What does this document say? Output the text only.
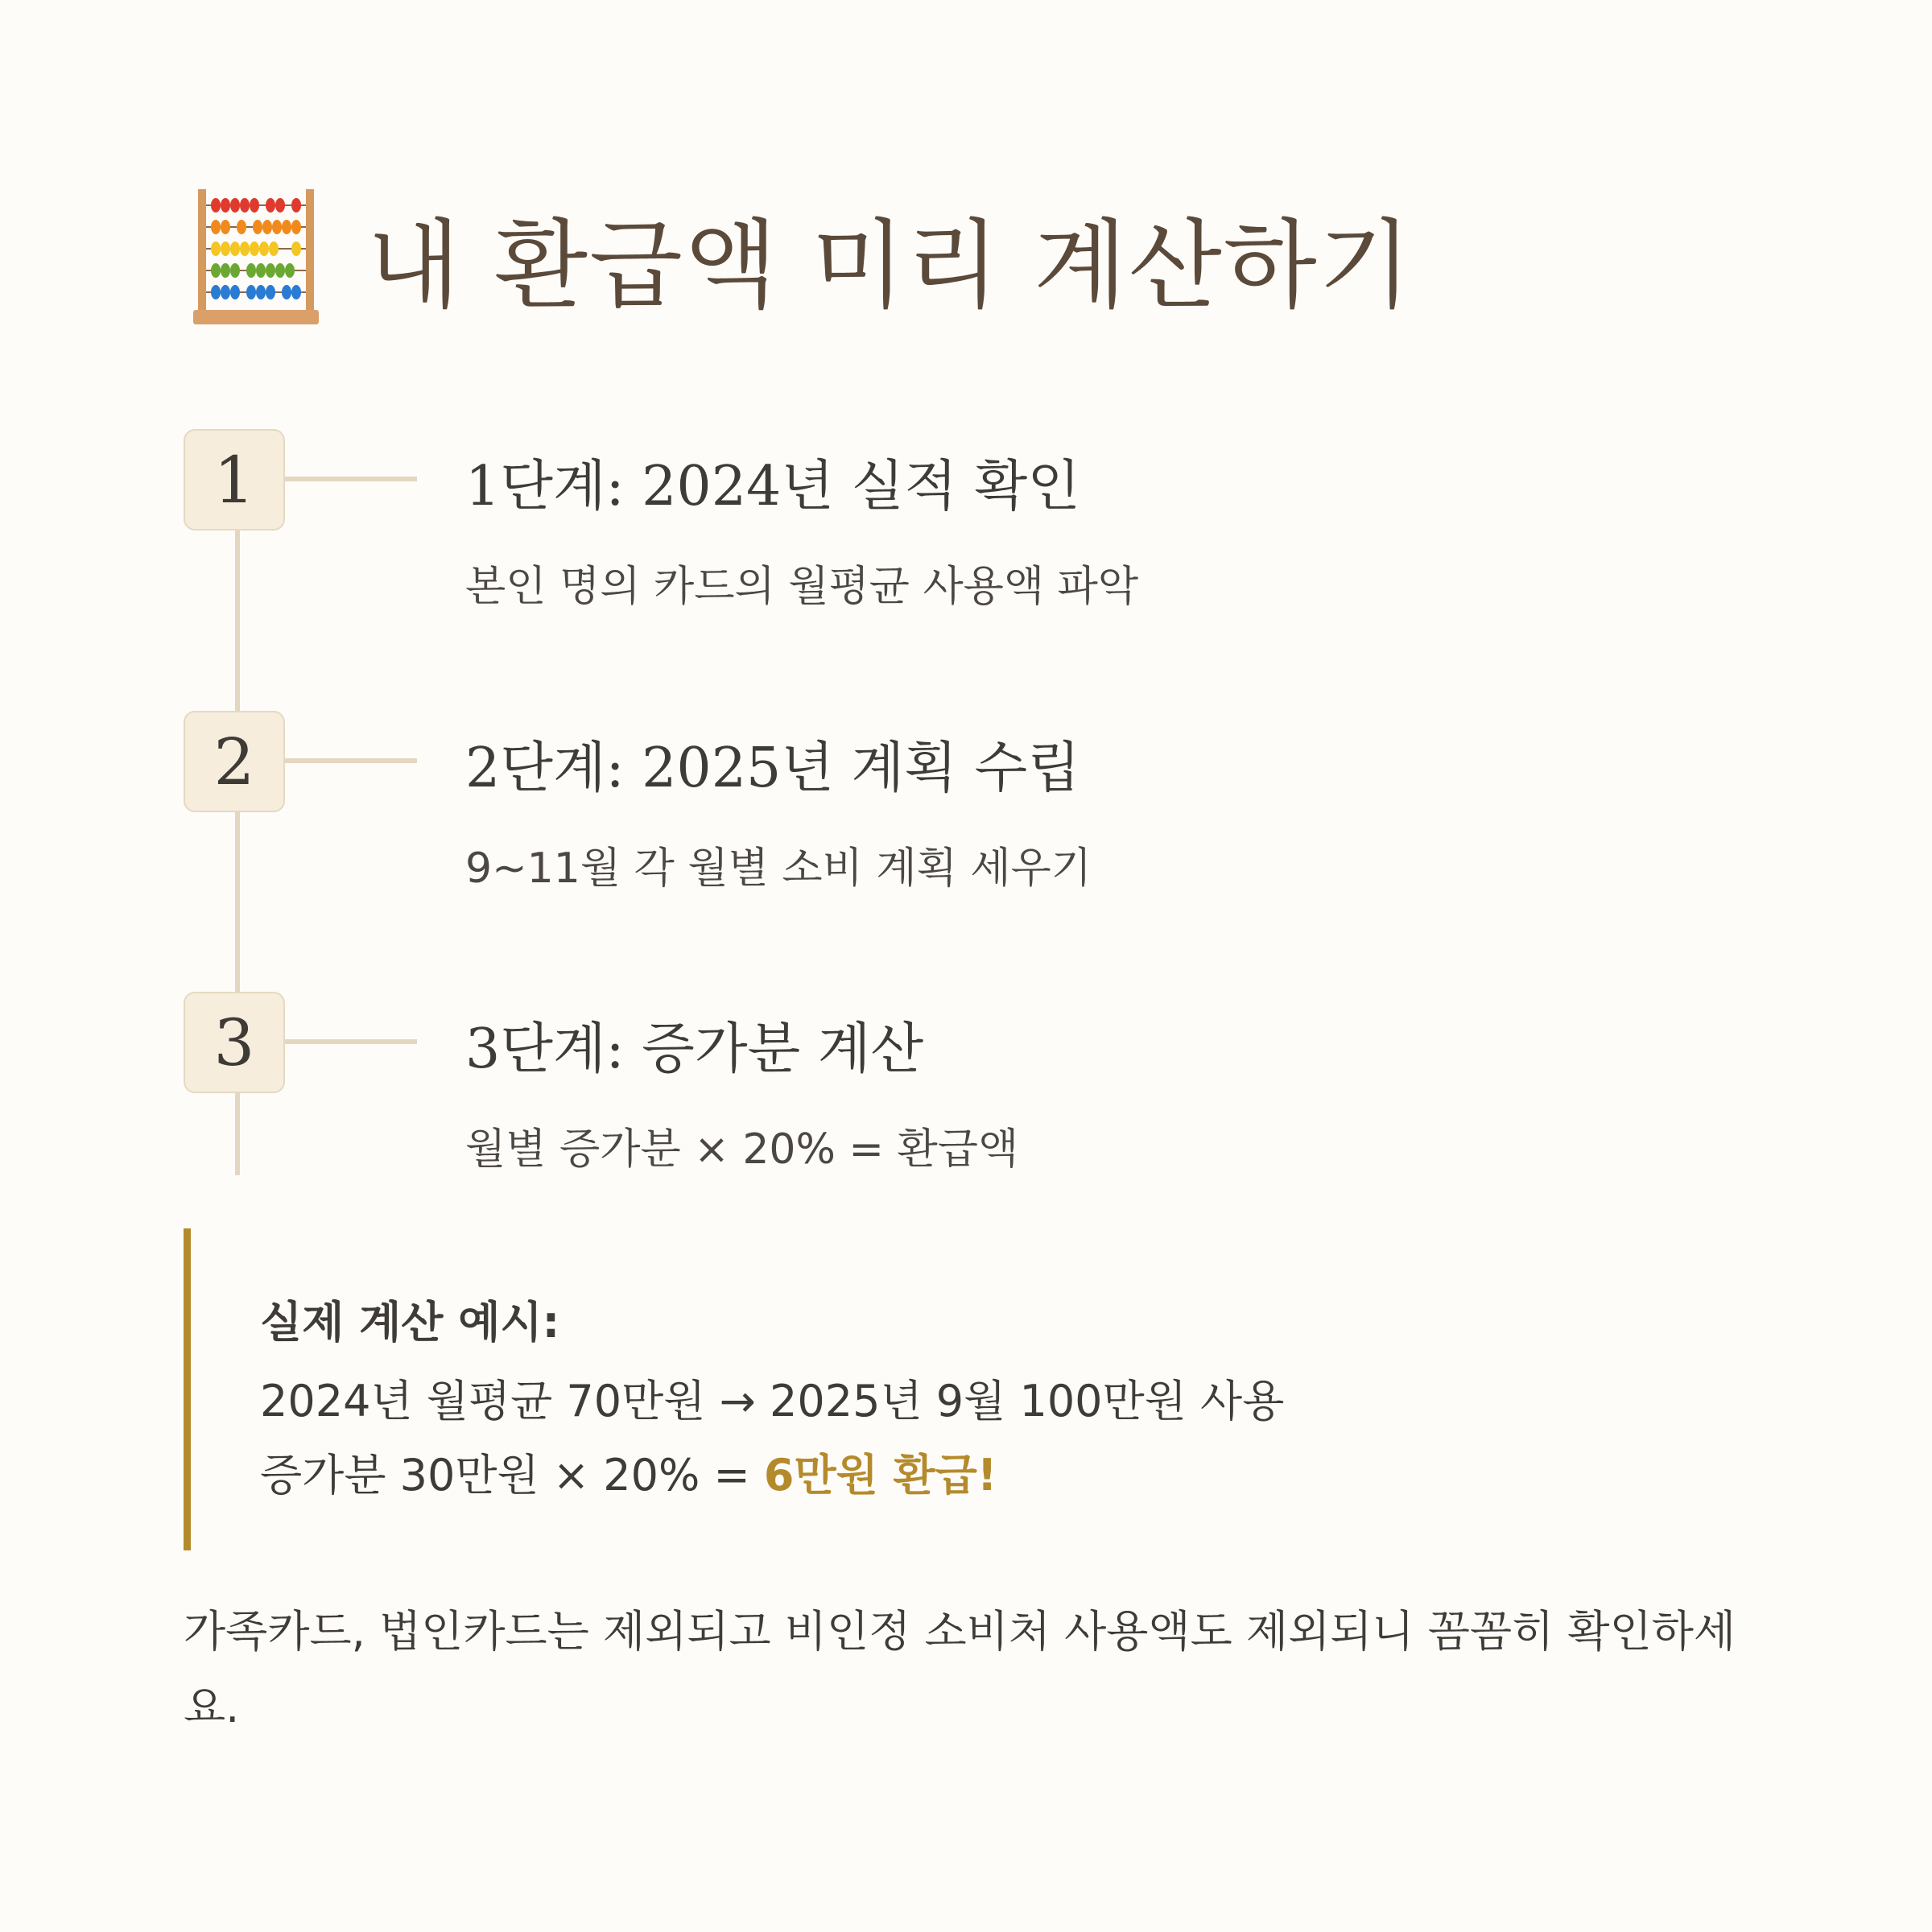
내 환급액 미리 계산하기
1	1단계: 2024년 실적 확인
본인 명의 카드의 월평균 사용액 파악
2	2단계: 2025년 계획 수립
9~11월 각 월별 소비 계획 세우기
3	3단계: 증가분 계산
월별 증가분 × 20% = 환급액
실제 계산 예시:
2024년 월평균 70만원 → 2025년 9월 100만원 사용
증가분 30만원 × 20% = 6만원 환급!
가족카드, 법인카드는 제외되고 비인정 소비처 사용액도 제외되니 꼼꼼히 확인하세요.
